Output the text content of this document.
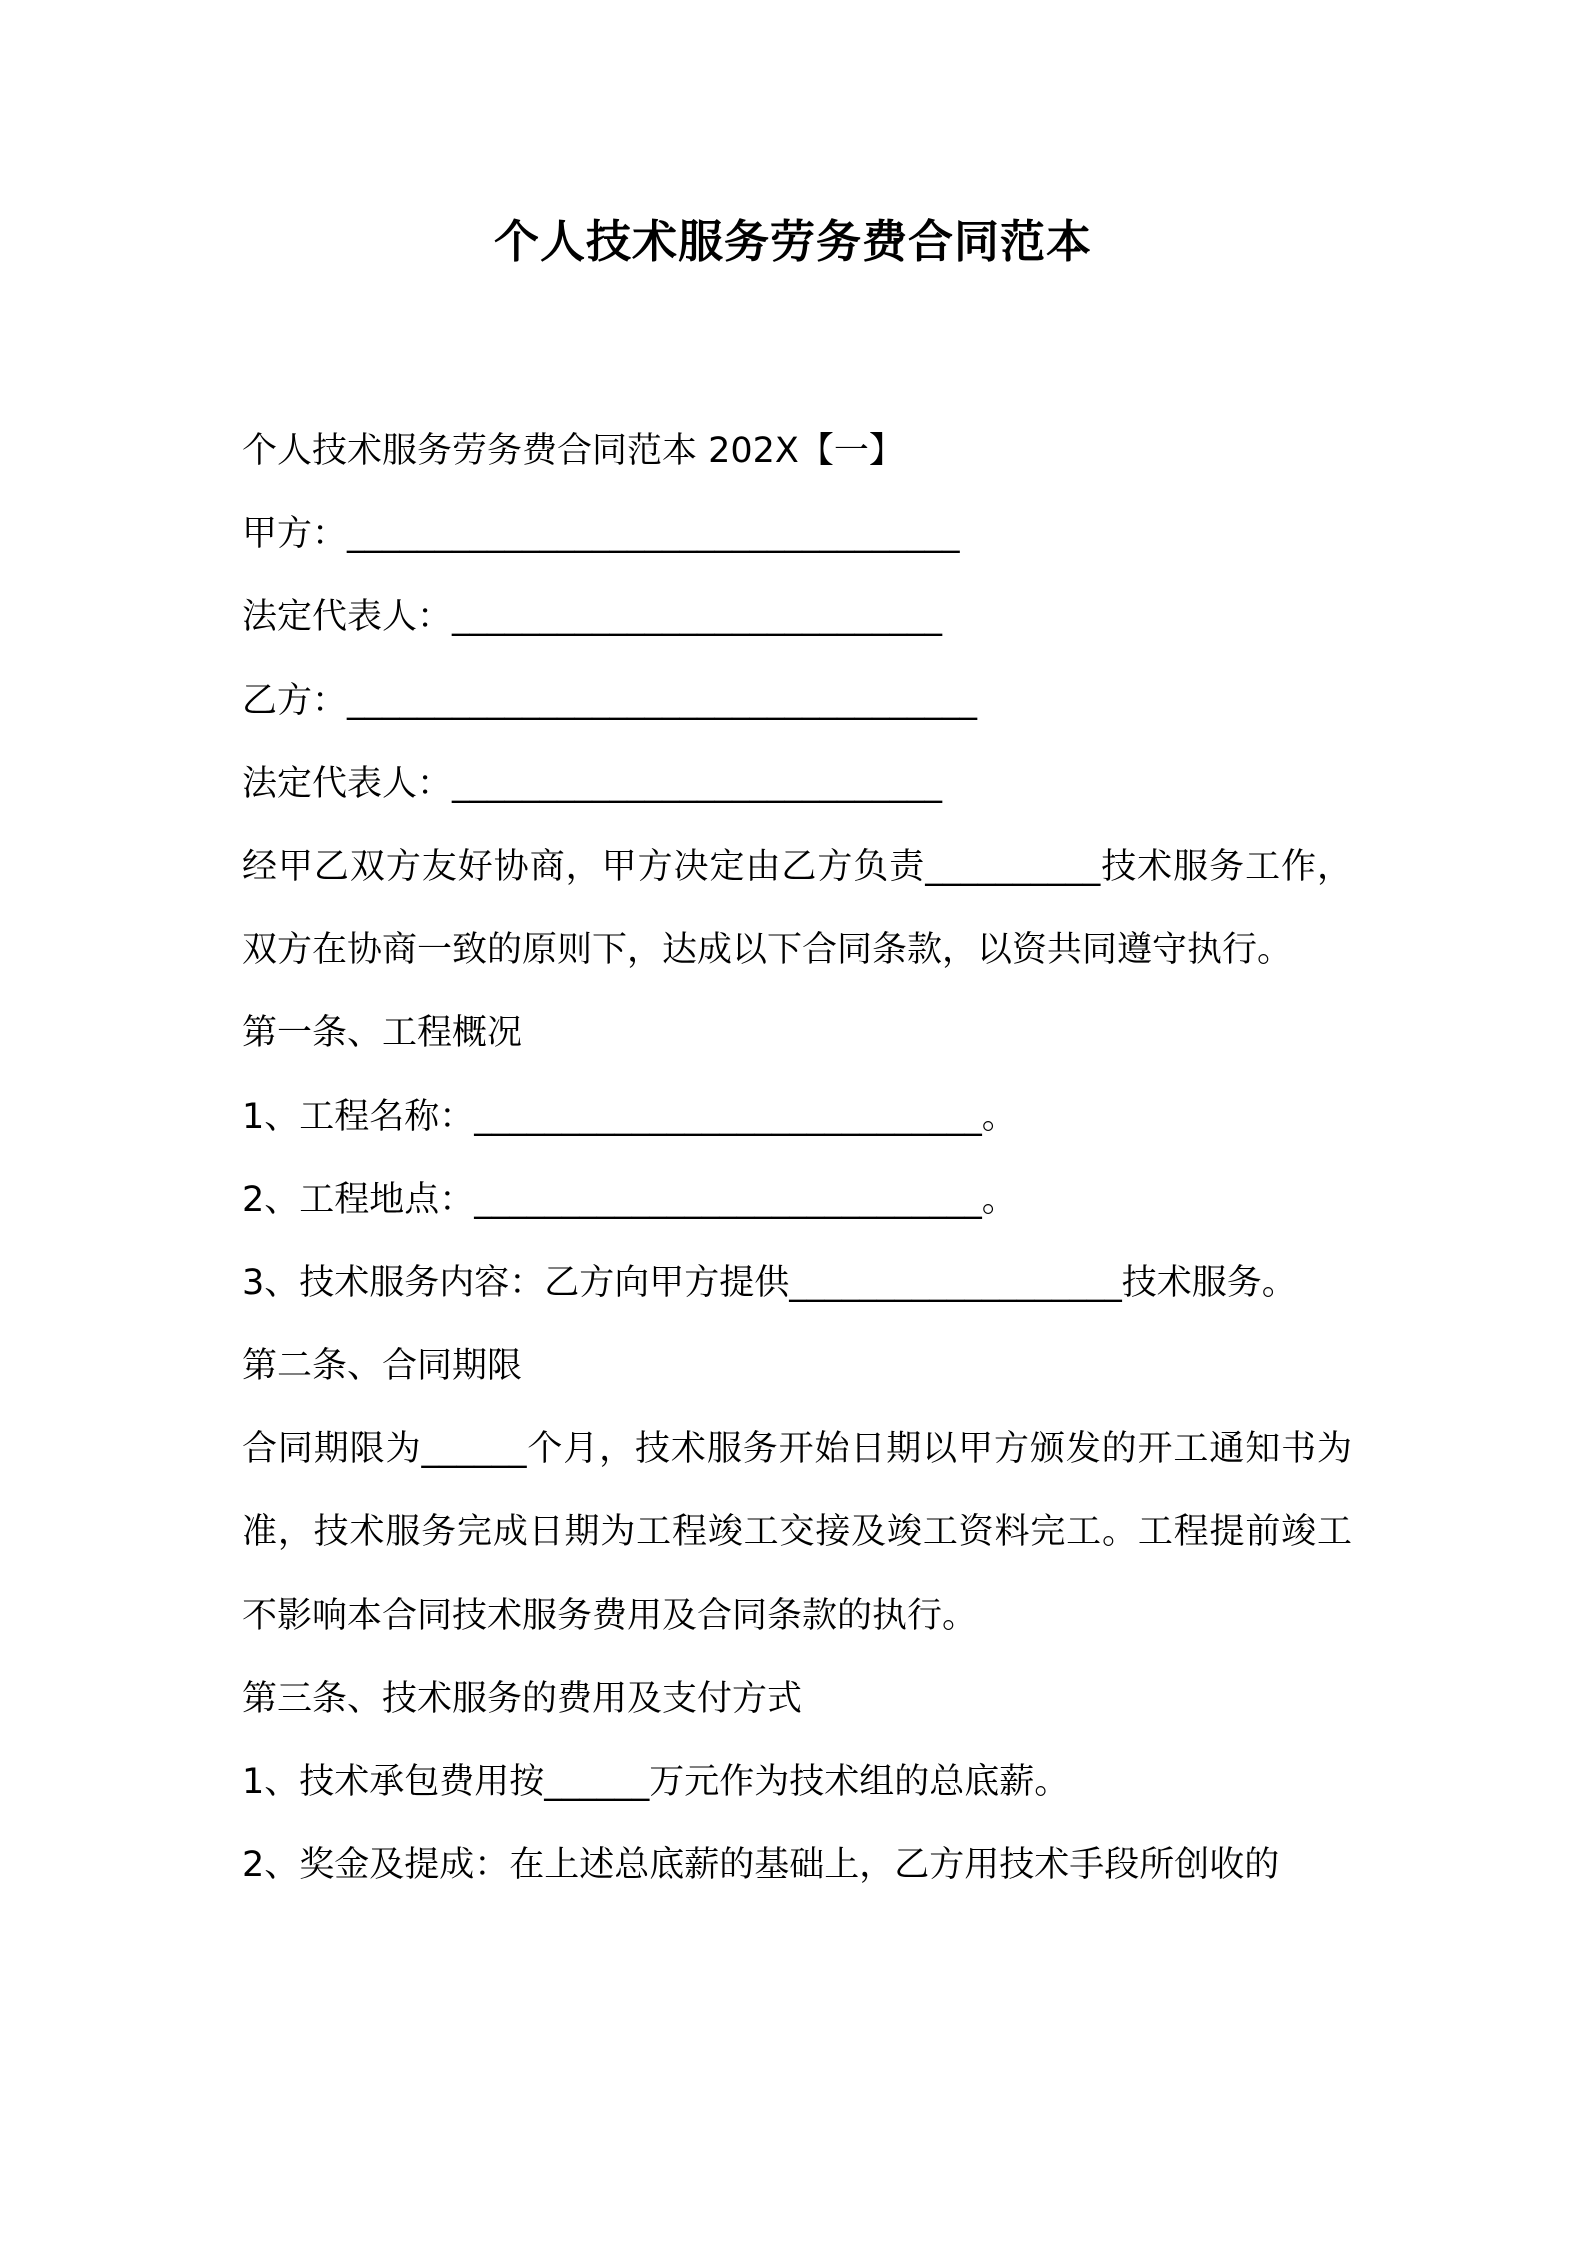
个人技术服务劳务费合同范本
个人技术服务劳务费合同范本 202X【一】
甲方：___________________________________
法定代表人：____________________________
乙方：____________________________________
法定代表人：____________________________

经甲乙双方友好协商，甲方决定由乙方负责__________技术服务工作，双方在协商一致的原则下，达成以下合同条款，以资共同遵守执行。

第一条、工程概况
1、工程名称：_____________________________。
2、工程地点：_____________________________。
3、技术服务内容：乙方向甲方提供___________________技术服务。
第二条、合同期限

合同期限为______个月，技术服务开始日期以甲方颁发的开工通知书为准，技术服务完成日期为工程竣工交接及竣工资料完工。工程提前竣工不影响本合同技术服务费用及合同条款的执行。

第三条、技术服务的费用及支付方式
1、技术承包费用按______万元作为技术组的总底薪。
2、奖金及提成：在上述总底薪的基础上，乙方用技术手段所创收的
